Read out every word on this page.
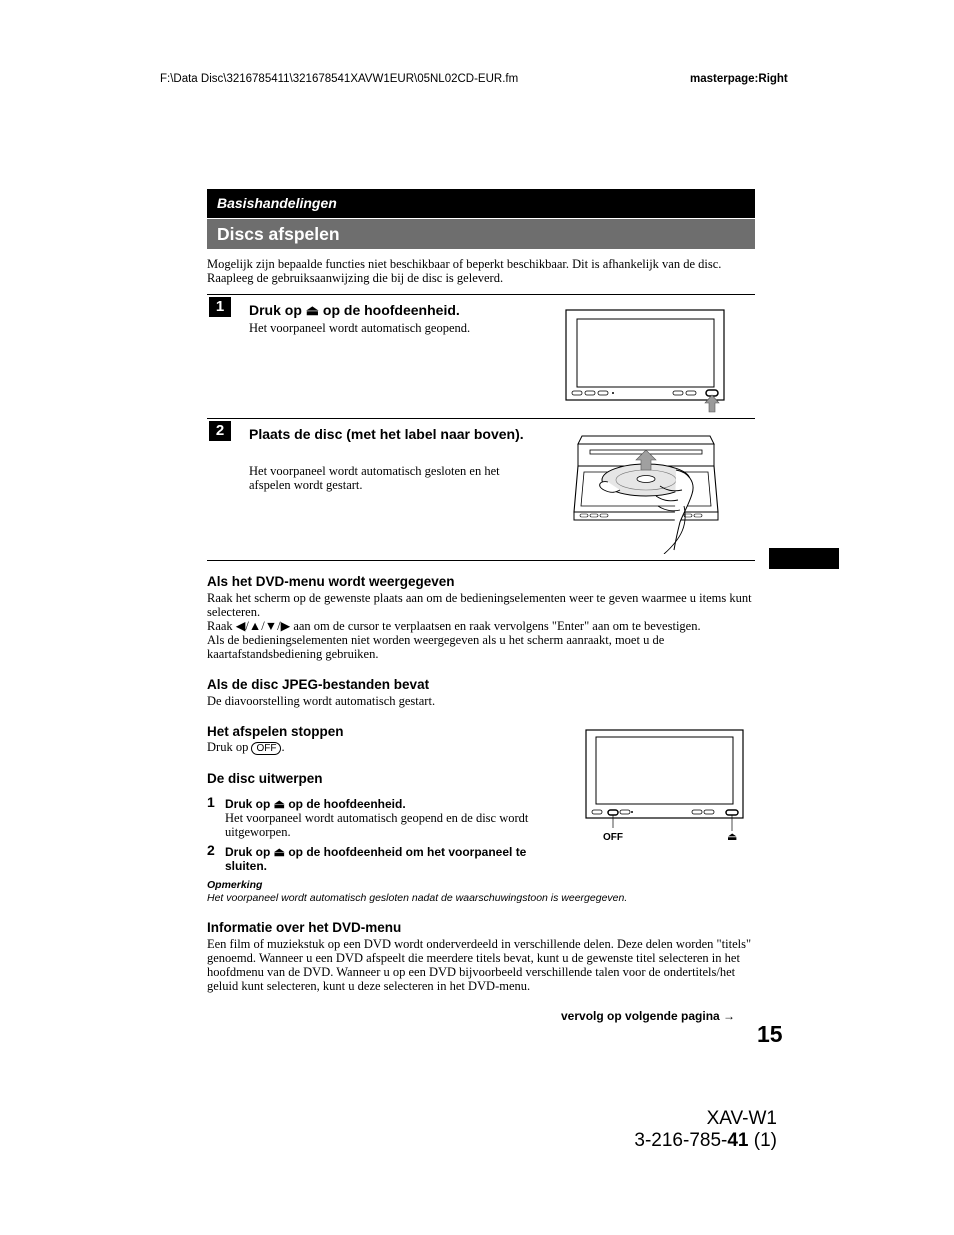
F:\Data Disc\3216785411\321678541XAVW1EUR\05NL02CD-EUR.fm	masterpage:Right
Basishandelingen
Discs afspelen
Mogelijk zijn bepaalde functies niet beschikbaar of beperkt beschikbaar. Dit is afhankelijk van de disc. Raapleeg de gebruiksaanwijzing die bij de disc is geleverd.
1	Druk op ⏏ op de hoofdeenheid.
Het voorpaneel wordt automatisch geopend.
2	Plaats de disc (met het label naar boven).
Het voorpaneel wordt automatisch gesloten en het afspelen wordt gestart.
Als het DVD-menu wordt weergegeven
Raak het scherm op de gewenste plaats aan om de bedieningselementen weer te geven waarmee u items kunt selecteren.
Raak ◀/▲/▼/▶ aan om de cursor te verplaatsen en raak vervolgens "Enter" aan om te bevestigen.
Als de bedieningselementen niet worden weergegeven als u het scherm aanraakt, moet u de kaartafstandsbediening gebruiken.
Als de disc JPEG-bestanden bevat
De diavoorstelling wordt automatisch gestart.
Het afspelen stoppen
Druk op OFF .
De disc uitwerpen
1 Druk op ⏏ op de hoofdeenheid.
Het voorpaneel wordt automatisch geopend en de disc wordt uitgeworpen.
2 Druk op ⏏ op de hoofdeenheid om het voorpaneel te sluiten.
OFF	⏏
Opmerking
Het voorpaneel wordt automatisch gesloten nadat de waarschuwingstoon is weergegeven.
Informatie over het DVD-menu
Een film of muziekstuk op een DVD wordt onderverdeeld in verschillende delen. Deze delen worden "titels" genoemd. Wanneer u een DVD afspeelt die meerdere titels bevat, kunt u de gewenste titel selecteren in het hoofdmenu van de DVD. Wanneer u op een DVD bijvoorbeeld verschillende talen voor de ondertitels/het geluid kunt selecteren, kunt u deze selecteren in het DVD-menu.
vervolg op volgende pagina →
15
XAV-W1
3-216-785-41 (1)
